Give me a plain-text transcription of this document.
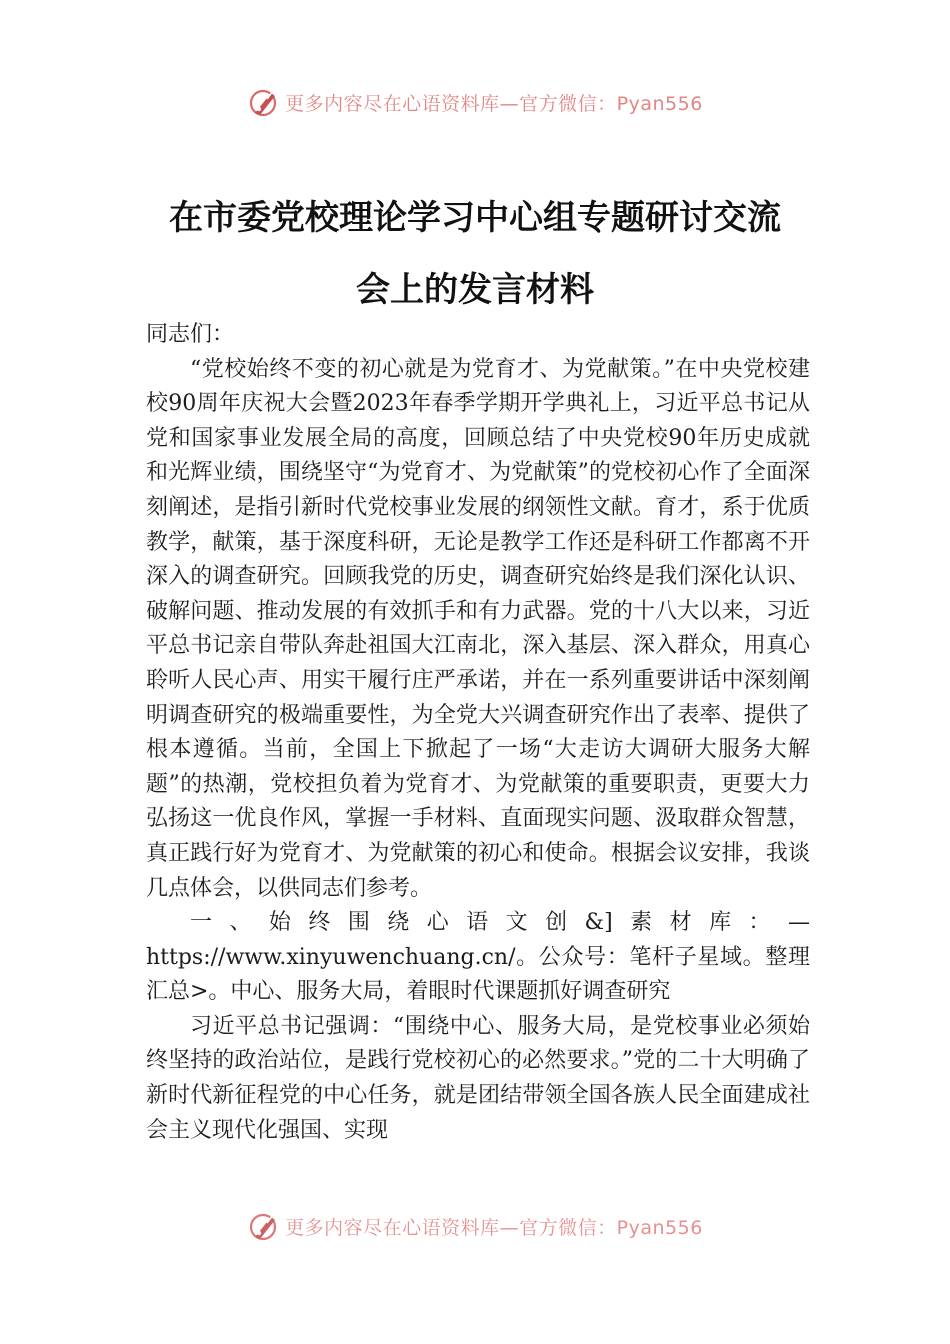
更多内容尽在心语资料库—官方微信：Pyan556
在市委党校理论学习中心组专题研讨交流
会上的发言材料

同志们：

“党校始终不变的初心就是为党育才、为党献策。”在中央党校建校90周年庆祝大会暨2023年春季学期开学典礼上，习近平总书记从党和国家事业发展全局的高度，回顾总结了中央党校90年历史成就和光辉业绩，围绕坚守“为党育才、为党献策”的党校初心作了全面深刻阐述，是指引新时代党校事业发展的纲领性文献。育才，系于优质教学，献策，基于深度科研，无论是教学工作还是科研工作都离不开深入的调查研究。回顾我党的历史，调查研究始终是我们深化认识、破解问题、推动发展的有效抓手和有力武器。党的十八大以来，习近平总书记亲自带队奔赴祖国大江南北，深入基层、深入群众，用真心聆听人民心声、用实干履行庄严承诺，并在一系列重要讲话中深刻阐明调查研究的极端重要性，为全党大兴调查研究作出了表率、提供了根本遵循。当前，全国上下掀起了一场“大走访大调研大服务大解题”的热潮，党校担负着为党育才、为党献策的重要职责，更要大力弘扬这一优良作风，掌握一手材料、直面现实问题、汲取群众智慧，真正践行好为党育才、为党献策的初心和使命。根据会议安排，我谈几点体会，以供同志们参考。

一、始终围绕心语文创&]素材库：—https://www.xinyuwenchuang.cn/。公众号：笔杆子星域。整理汇总>。中心、服务大局，着眼时代课题抓好调查研究

习近平总书记强调：“围绕中心、服务大局，是党校事业必须始终坚持的政治站位，是践行党校初心的必然要求。”党的二十大明确了新时代新征程党的中心任务，就是团结带领全国各族人民全面建成社会主义现代化强国、实现

更多内容尽在心语资料库—官方微信：Pyan556
